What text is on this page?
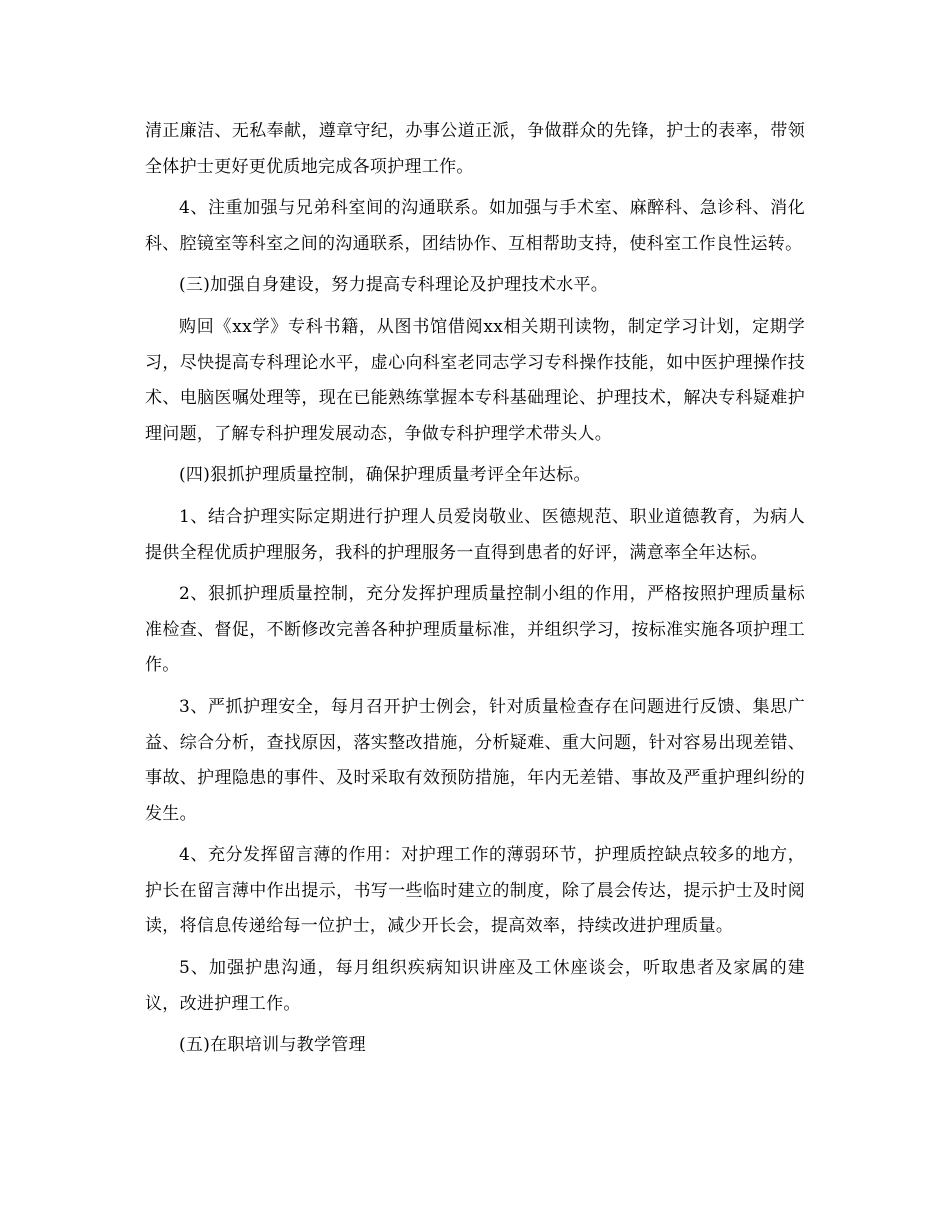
清正廉洁、无私奉献，遵章守纪，办事公道正派，争做群众的先锋，护士的表率，带领全体护士更好更优质地完成各项护理工作。

4、注重加强与兄弟科室间的沟通联系。如加强与手术室、麻醉科、急诊科、消化科、腔镜室等科室之间的沟通联系，团结协作、互相帮助支持，使科室工作良性运转。

(三)加强自身建设，努力提高专科理论及护理技术水平。

购回《xx学》专科书籍，从图书馆借阅xx相关期刊读物，制定学习计划，定期学习，尽快提高专科理论水平，虚心向科室老同志学习专科操作技能，如中医护理操作技术、电脑医嘱处理等，现在已能熟练掌握本专科基础理论、护理技术，解决专科疑难护理问题，了解专科护理发展动态，争做专科护理学术带头人。

(四)狠抓护理质量控制，确保护理质量考评全年达标。

1、结合护理实际定期进行护理人员爱岗敬业、医德规范、职业道德教育，为病人提供全程优质护理服务，我科的护理服务一直得到患者的好评，满意率全年达标。

2、狠抓护理质量控制，充分发挥护理质量控制小组的作用，严格按照护理质量标准检查、督促，不断修改完善各种护理质量标准，并组织学习，按标准实施各项护理工作。

3、严抓护理安全，每月召开护士例会，针对质量检查存在问题进行反馈、集思广益、综合分析，查找原因，落实整改措施，分析疑难、重大问题，针对容易出现差错、事故、护理隐患的事件、及时采取有效预防措施，年内无差错、事故及严重护理纠纷的发生。

4、充分发挥留言薄的作用：对护理工作的薄弱环节，护理质控缺点较多的地方，护长在留言薄中作出提示，书写一些临时建立的制度，除了晨会传达，提示护士及时阅读，将信息传递给每一位护士，减少开长会，提高效率，持续改进护理质量。

5、加强护患沟通，每月组织疾病知识讲座及工休座谈会，听取患者及家属的建议，改进护理工作。

(五)在职培训与教学管理
